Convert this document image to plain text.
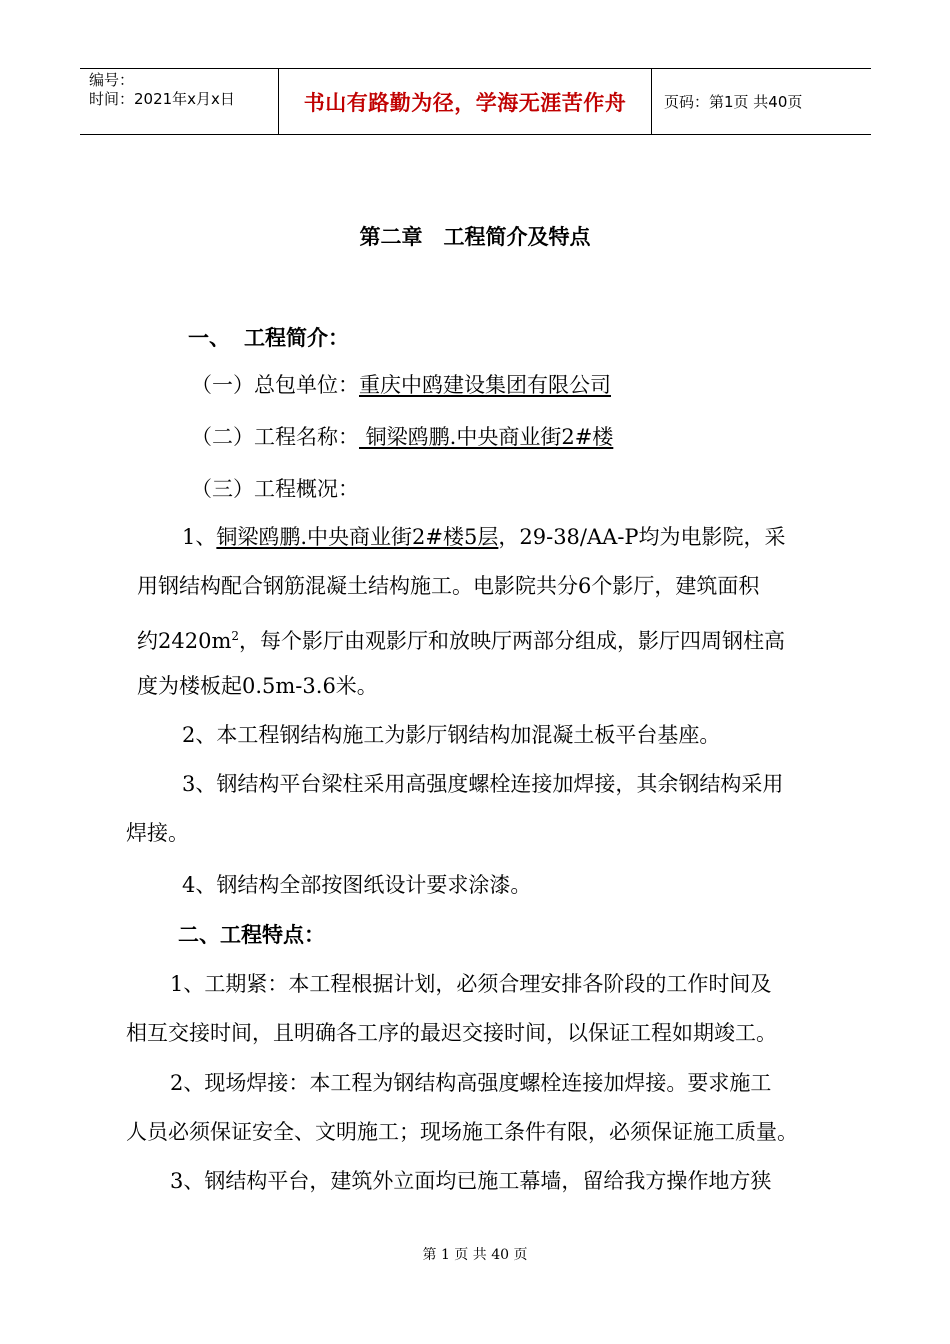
编号：
时间：2021年x月x日	书山有路勤为径，学海无涯苦作舟	页码：第1页 共40页
第二章　工程简介及特点
一、 工程简介：
（一）总包单位：重庆中鸥建设集团有限公司
（二）工程名称： 铜梁鸥鹏.中央商业街2#楼
（三）工程概况：
1、铜梁鸥鹏.中央商业街2#楼5层，29-38/AA-P均为电影院，采
用钢结构配合钢筋混凝土结构施工。电影院共分6个影厅，建筑面积
约$2420m^2$，每个影厅由观影厅和放映厅两部分组成，影厅四周钢柱高
度为楼板起0.5m-3.6米。
2、本工程钢结构施工为影厅钢结构加混凝土板平台基座。
3、钢结构平台梁柱采用高强度螺栓连接加焊接，其余钢结构采用
焊接。
4、钢结构全部按图纸设计要求涂漆。
二、工程特点：
1、工期紧：本工程根据计划，必须合理安排各阶段的工作时间及
相互交接时间，且明确各工序的最迟交接时间，以保证工程如期竣工。
2、现场焊接：本工程为钢结构高强度螺栓连接加焊接。要求施工
人员必须保证安全、文明施工；现场施工条件有限，必须保证施工质量。
3、钢结构平台，建筑外立面均已施工幕墙，留给我方操作地方狭
第 1 页 共 40 页
